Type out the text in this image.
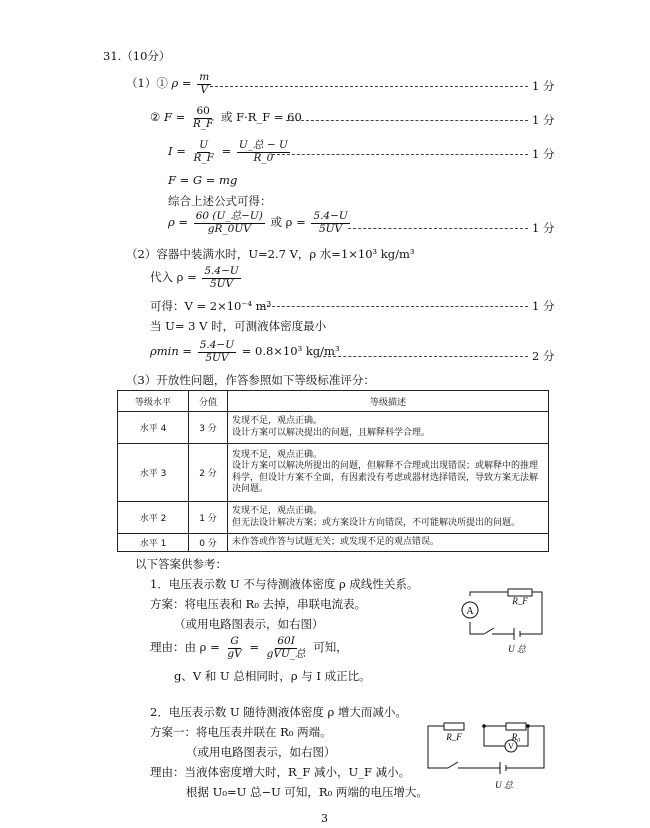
31.（10分）
（1）① $\rho = \frac{m}{V}$	1 分
② $F = \frac{60}{R\_F}$ 或 F·R_F = 60	1 分
$I = \frac{U}{R\_F} = \frac{\text{U\_总 − U}}{R\_0}$	1 分
F = G = mg
综合上述公式可得：
$\rho = \frac{\text{60 (U\_总−U)}}{gR\_0UV}$ 或 $\rho = \frac{5.4-U}{5UV}$	1 分
（2）容器中装满水时，U=2.7 V，ρ 水=1×10³ kg/m³
代入 $\rho = \frac{5.4-U}{5UV}$
可得：V = 2×10⁻⁴ m³	1 分
当 U= 3 V 时，可测液体密度最小
$\rho\min = \frac{5.4-U}{5UV} = 0.8\times 10^3$ kg/m³	2 分
（3）开放性问题，作答参照如下等级标准评分：
等级水平	分值	等级描述
水平 4	3 分	发现不足，观点正确。
设计方案可以解决提出的问题，且解释科学合理。
水平 3	2 分	发现不足，观点正确。
设计方案可以解决所提出的问题，但解释不合理或出现错误；或解释中的推理科学，但设计方案不全面，有因素没有考虑或器材选择错误，导致方案无法解决问题。
水平 2	1 分	发现不足，观点正确。
但无法设计解决方案；或方案设计方向错误，不可能解决所提出的问题。
水平 1	0 分	未作答或作答与试题无关；或发现不足的观点错误。
以下答案供参考：
1．电压表示数 U 不与待测液体密度 ρ 成线性关系。
方案：将电压表和 R₀ 去掉，串联电流表。
（或用电路图表示，如右图）
理由：由 $\rho = \frac{G}{gV} = \frac{60I}{\text{gVU\_总}}$ 可知，
g、V 和 U 总相同时，ρ 与 I 成正比。
A
R_F
U 总
2．电压表示数 U 随待测液体密度 ρ 增大而减小。
方案一：将电压表并联在 R₀ 两端。
（或用电路图表示，如右图）
理由：当液体密度增大时，R_F 减小，U_F 减小。
根据 U₀=U 总−U 可知，R₀ 两端的电压增大。
R_F	R₀
V
U 总
3
